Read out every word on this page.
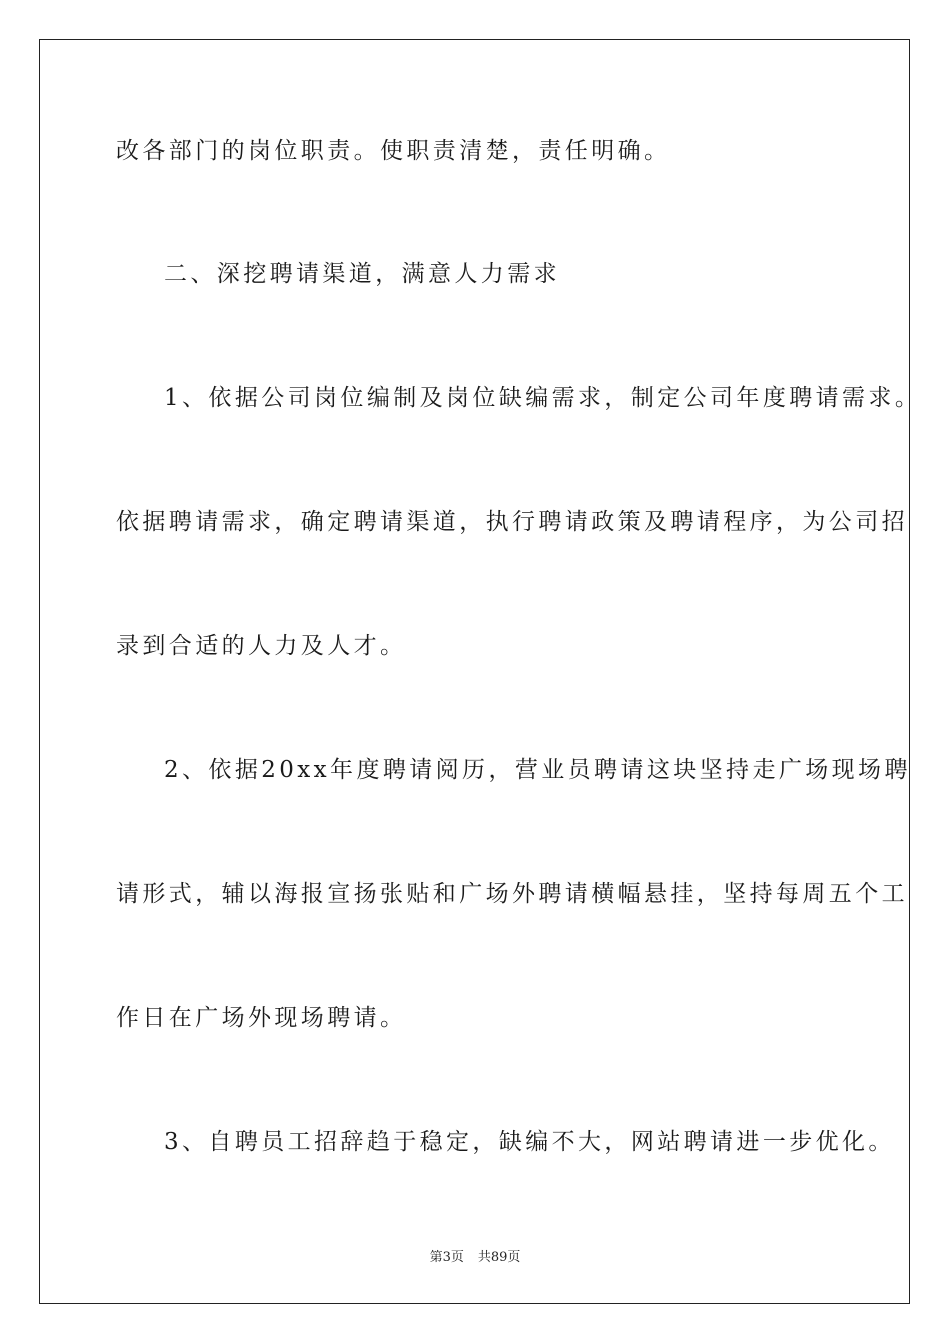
改各部门的岗位职责。使职责清楚，责任明确。
二、深挖聘请渠道，满意人力需求
1、依据公司岗位编制及岗位缺编需求，制定公司年度聘请需求。
依据聘请需求，确定聘请渠道，执行聘请政策及聘请程序，为公司招
录到合适的人力及人才。
2、依据20xx年度聘请阅历，营业员聘请这块坚持走广场现场聘
请形式，辅以海报宣扬张贴和广场外聘请横幅悬挂，坚持每周五个工
作日在广场外现场聘请。
3、自聘员工招辞趋于稳定，缺编不大，网站聘请进一步优化。
第3页 共89页
